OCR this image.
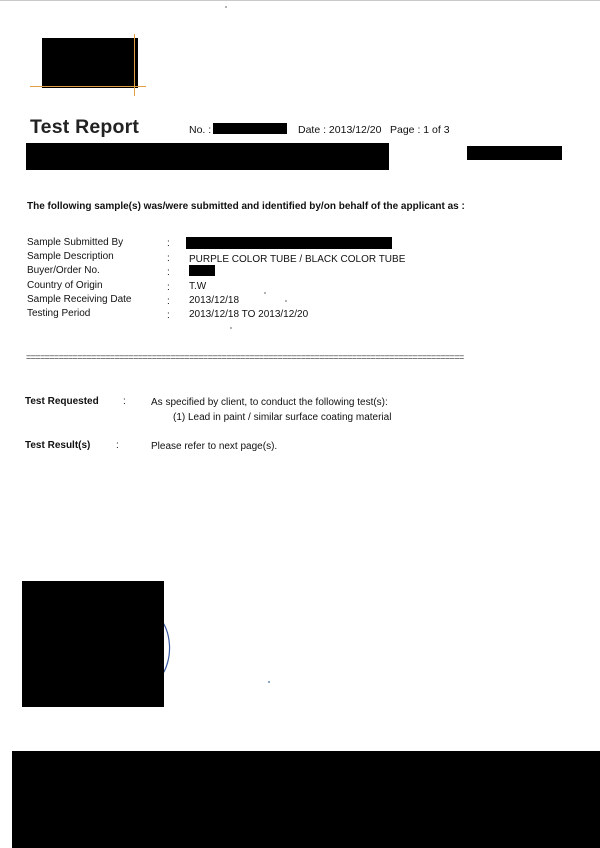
Test Report	No. :	Date : 2013/12/20 Page : 1 of 3
The following sample(s) was/were submitted and identified by/on behalf of the applicant as :
Sample Submitted By	:
Sample Description	: PURPLE COLOR TUBE / BLACK COLOR TUBE
Buyer/Order No.	:
Country of Origin	: T.W
Sample Receiving Date	: 2013/12/18
Testing Period	: 2013/12/18 TO 2013/12/20
==============================================================================================
Test Requested :	As specified by client, to conduct the following test(s):
(1) Lead in paint / similar surface coating material
Test Result(s)	:	Please refer to next page(s).
